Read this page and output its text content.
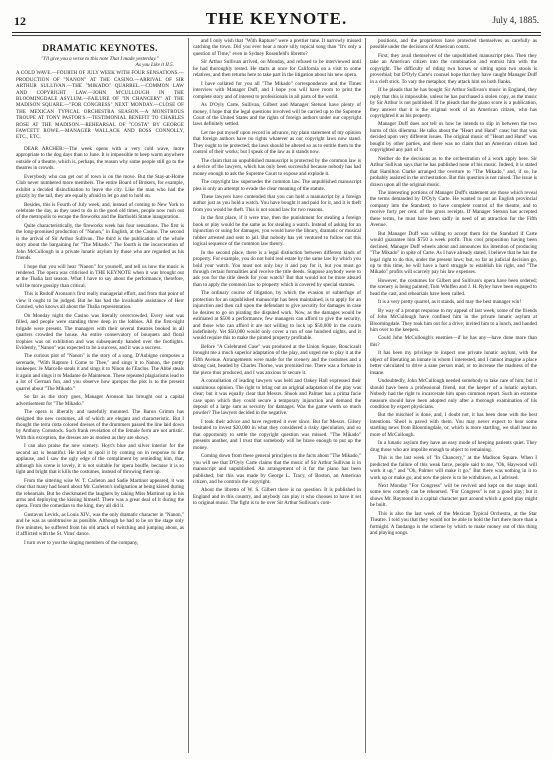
12	THE KEYNOTE.	July 4, 1885.
DRAMATIC KEYNOTES.
"I'll give you a verse to this note That I made yesterday."
As you Like it II.5.
A COLD WAVE.—FOURTH OF JULY WEEK WITH FOUR SENSATIONS.—PRODUCTION OF "NANON" AT THE CASINO.—ARRIVAL OF SIR ARTHUR SULLIVAN.—THE "MIKADO" QUARREL.—COMMON LAW AND COPYRIGHT LAW.—JOHN M'CULLOUGH IN THE BLOOMINGDALE ASYLUM.—FAILURE OF "IN CHANCERY" AT THE MADISON SQUARE.—"FOR CONGRESS" NEXT MONDAY.—CLOSE OF THE MEXICAN TYPICAL ORCHESTRA SEASON.—A MONSTROUS TROUPE AT TONY PASTOR'S.—TESTIMONIAL BENEFIT TO CHARLES ROSE AT THE MADISON.—REHEARSAL OF "COSTA" BY GEORGE FAWCETT ROWE.—MANAGER WALLACK AND BOSS CONNOLLY, ETC., ETC.

DEAR ARCHER:—The week opens with a very cold wave, more appropriate to the dog days than to June. It is impossible to keep warm anywhere outside of a theatre, which is, perhaps, the reason why some people still go to the theatres in crowds.

Everybody who can get out of town is on the move. But the Stay-at-Home Club never numbered more members. The entire Board of Brokers, for example, exhibit a decided disinclination to leave the city. Like the man who had the grizzly by the tail, they are equally afraid to let go and to hold on.

Besides, this is Fourth of July week, and, instead of coming to New York to celebrate the day, as they used to do in the good old times, people now rush out of the metropolis to escape the fireworks and the Bartholdi Statue inauguration.

Quite characteristically, the fireworks week has four sensations. The first is the long-promised production of "Nanon," in English, at the Casino. The second is the arrival of Sir Arthur Sullivan. The third is the publication of the whole story about the bargaining for "The Mikado." The fourth is the incarceration of John McCullough in a private lunatic asylum by those who are regarded as his friends.

I hope that you will hear "Nanon" for yourself, and tell us how the music is rendered. The opera was criticised in THE KEYNOTE when it was brought out at the Thalia last season. What I have to say about the performance, therefore, will be more gossipy than critical.

This is Rudolf Aronson's first really managerial effort, and from that point of view it ought to be judged. But he has had the invaluable assistance of Herr Conried, who knows all about the Thalia representation.

On Monday night the Casino was literally overcrowded. Every seat was filled, and people were standing three deep in the lobbies. All the first-night brigade were present. The managers with their several theatres booked in all quarters crowded the house. An entire conservatory of bouquets and floral trophies was on exhibition and was subsequently handed over the footlights. Evidently, "Nanon" was expected to be a success, and it was a success.

The curious plot of "Nanon" is the story of a song, D'Aubigne composes a serenade, "With Rapture I Come to Thee," and sings it to Nanon, the pretty innkeeper. Je Marcelle steals it and sings it to Ninon de l'Enclos. The Abbé steals it again and sings it to Madame de Maintenon. These repeated plagiarisms lead to a lot of German fun, and you observe how apropos the plot is to the present quarrel about "The Mikado."

So far as the story goes, Manager Aronson has brought out a capital advertisement for "The Mikado."

The opera is liberally and tastefully mounted. The Baron Grimm has designed the new costumes, all of which are elegant and characteristic. But I thought the terra cotta colored dresses of the drummers passed the line laid down by Anthony Comstock. Such frank revelation of the female form are not artistic. With this exception, the dresses are as modest as they are showy.

I can also praise the new scenery. Hoyt's blue and silver interior for the second act is beautiful. He tried to spoil it by coming on in response to the applause, and I saw the ugly edge of the compliment by reminding him, that, although his scene is lovely, it is not suitable for opera bouffe, because it is so light and bright that it kills the costumes, instead of throwing them up.

From the sittering wise W. T. Carleton and Sadie Martinot appeared, it was clear that many had heard about Mr. Carleton's indignation at being kissed during the rehearsals. But he checkmated the laughers by taking Miss Martinot up in his arms and deploying the kissing himself. There was a great deal of it during the opera. From the comedian to the king, they all did it.

Gustavus Levick, as Louis XIV., was the only dramatic character in "Nanon," and he was as unobtrusive as possible. Although he had to be on the stage only five minutes, he suffered from his old attack of twitching and jumping about, as if afflicted with the St. Vitus' dance.

I turn over to you the singing members of the company,

and I only wish that "With Rapture" were a prettier tune. It narrowly missed catching the town. Did you ever hear a more silly topical song than "It's only a question of Time," even in Sydney Rosenfeld's libretto?

Sir Arthur Sullivan arrived, on Monday, and refused to be interviewed until he had thoroughly rested. He starts at once for California on a visit to some relatives, and then returns here to take part in the litigation about his new opera.

I have collated for you all "The Mikado" correspondence and the Times interview with Manager Duff, and I hope you will have room to print the complete story and of interest to professionals in all parts of the world.

As D'Oyly Carte, Sullivan, Gilbert and Manager Stetson have plenty of money, I hope that the legal questions involved will be carried up to the Supreme Court of the United States and the rights of foreign authors under our copyright laws definitely settled.

Let me put myself upon record in advance, my plain statement of my opinion that foreign authors have no rights whatever as our copyright laws now stand. They ought to be protected; the laws should be altered so as to entitle them to the control of their works; but I speak of the law as it stands now.

The claim that an unpublished manuscript is protected by the common law is a device of the lawyers, which has only been successful because nobody has had money enough to ask the Supreme Court to expose and explode it.

The copyright law supersedes the common law. The unpublished manuscript plea is only an attempt to evade the clear meaning of the statute.

These lawyers have contended that you can hold a manuscript by a foreign author just as you hold a watch. You have bought it and paid for it, and it is theft from you would be theft. This is not sound law for two reasons.

In the first place, if it were true, then the punishment for stealing a foreign book or play would be the same as for stealing a watch. Instead of asking for an injunction or suing for damages, you would have the library, dramatic or musical robber arrested and sent to jail. But nobody has yet ventured to follow out this logical sequence of the common law theory.

In the second place, there is a legal distinction between different kinds of property. For example, you do not hold real estate by the same law by which you hold your watch. You must not only buy it and pay for it, but you must go through certain formalities and receive the title deeds. Suppose anybody were to ask you for the title deeds for your watch? But that would not be more absurd than to apply the common law to property which is covered by special statutes.

The ordinary course of litigation, by which the evasion or subterfuge of protection for an unpublished manuscript has been maintained, is to apply for an injunction and then call upon the defendant to give security for damages in case he desires to go on pirating the disputed work. Now, as the damages would be estimated at $500 a performance, few managers can afford to give the security, and those who can afford it are not willing to lock up $50,000 in the courts indefinitely. Yet $50,000 would only cover a run of one hundred nights, and it would require this to make the pirated property profitable.

Before "A Celebrated Case" was produced at the Union Square, Boucicault brought me a much superior adaptation of the play, and urged me to play it at the Fifth Avenue. Arrangements were made for the scenery and the costumes and a strong cast, headed by Charles Thorne, was promised me. There was a fortune in the piece thus produced, and I was anxious to secure it.

A consultation of leading lawyers was held and Oakey Hall expressed their unanimous opinion. The right to bring out an original adaptation of the play was clear; but it was equally clear that Messrs. Shook and Palmer has a prima facie case upon which they could secure a temporary injunction and demand the deposit of a large sum as security for damages. Was the game worth so much powder? The lawyers decided in the negative.

I took their advice and have regretted it ever since. But for Messrs. Gilsey hesitated to invest $20,000 in what they considered a risky speculation, and so that opportunity to settle the copyright question was missed. "The Mikado" presents another, and I trust that somebody will be brave enough to put up the money.

Coming down from these general principles to the facts about "The Mikado," you will see that D'Oyly Carte claims that the music of Sir Arthur Sullivan is in manuscript and unpublished. An arrangement of it for the piano has been published; but this was made by George L. Tracy, of Boston, an American citizen, and he controls the copyright.

About the libretto of W. S. Gilbert there is no question. It is published in England and in this country, and anybody can play it who chooses to have it set to original music. The fight is to be over Sir Arthur Sullivan's com-

positions, and the proprietors have protected themselves as carefully as possible under the decisions of American courts.

First, they avail themselves of the unpublished manuscript plea. Then they take an American citizen into the combination and entrust him with the copyright. The difficulty of riding two horses or sitting upon two stools is proverbial; but D'Oyly Carte's counsel hope that they have caught Manager Duff in a cleft stick. To vary the metaphor, they attack him on both flanks.

If he pleads that he has bought Sir Arthur Sullivan's music in England, they reply that this is impossible, unless he has purchased a stolen copy, as the music by Sir Arthur is not published. If he pleads that the piano score is a publication, they answer that it is the original work of an American citizen, who has copyrighted it as his property.

Manager Duff does not tell us how he intends to slip in between the two horns of this dilemma. He talks about the "Heart and Hand" case; but that was decided upon very different issues. The original music of "Heart and Hand" was bought by other parties, and there was no claim that an American citizen had copyrighted any part of it.

Neither do the decisions as to the orchestration of a work apply here. Sir Arthur Sullivan says that he has published none of his music. Indeed, it is stated that Hamilton Clarke arranged the overture to "The Mikado," and, if so, he probably assisted in the orchestration. But this question is not raised. The issue is drawn upon all the original music.

The interesting portions of Manager Duff's statement are those which reveal the terms demanded by D'Oyly Carte. He wanted to put an English provincial company into the Standard; to have complete control of the theatre, and to receive forty per cent. of the gross receipts. If Manager Stetson has accepted these terms, he must have been sadly in need of an attraction for the Fifth Avenue.

But Manager Duff was willing to accept them for the Standard if Carte would guarantee him $750 a week profit. This cool proposition having been declined, Manager Duff wheels about and announces his intention of producing "The Mikado" in spite of Carte. As I have already stated, I believe that he has the legal right to do this, under the present laws; but, so far as judicial decision go, up to this time, he will have a hard struggle to establish his right, and "The Mikado" profits will scarcely pay his law expenses.

However, the costumes for Gilbert and Sullivan's opera have been ordered; the scenery is being painted; Tom Whiffen and J. H. Ryley have been engaged to head the cast, and rehearsals have been called.

It is a very pretty quarrel, as it stands, and may the best manager win!

By way of a prompt response to my appeal of last week, some of the friends of John McCullough have confined him in the private lunatic asylum at Bloomingdale. They took him out for a drive; invited him to a lunch, and handed him over to the keepers.

Could John McCullough's enemies—if he has any—have done more than this?

It has been my privilege to inspect one private lunatic asylum, with the object of liberating an inmate in whom I interested, and I cannot imagine a place better calculated to drive a sane person mad, or to increase the madness of the insane.

Undoubtedly, John McCullough needed somebody to take care of him; but it should have been a professional friend, not the keeper of a lunatic asylum. Nobody had the right to incarcerate him upon common report. Such an extreme measure should have been adopted only after a thorough examination of his condition by expert physicians.

But the mischief is done, and, I doubt not, it has been done with the best intentions. Sheol is paved with them. You may never expect to hear some startling news from Bloomingdale, or, which is more startling, we shall hear no more of McCullough.

In a lunatic asylum they have an easy mode of keeping patients quiet. They drug those who are impolite enough to object to remaining.

This is the last week of "In Chancery," at the Madison Square. When I predicted the failure of this weak farce, people said to me, "Oh, Haywood will work it up," and "Oh, Palmer will make it go." But there was nothing in it to work up or make go, and now the piece is to be withdrawn, as I advised.

Next Monday "For Congress" will be revived and kept on the stage until some new comedy can be rehearsed. "For Congress" is not a good play; but it shows Mr. Raymond in a capital character part around which a good play might be built.

This is also the last week of the Mexican Typical Orchestra, at the Star Theatre. I told you that they would not be able to hold the fort there more than a fortnight. A fandango is the scheme by which to make money out of this thing and playing songs.
